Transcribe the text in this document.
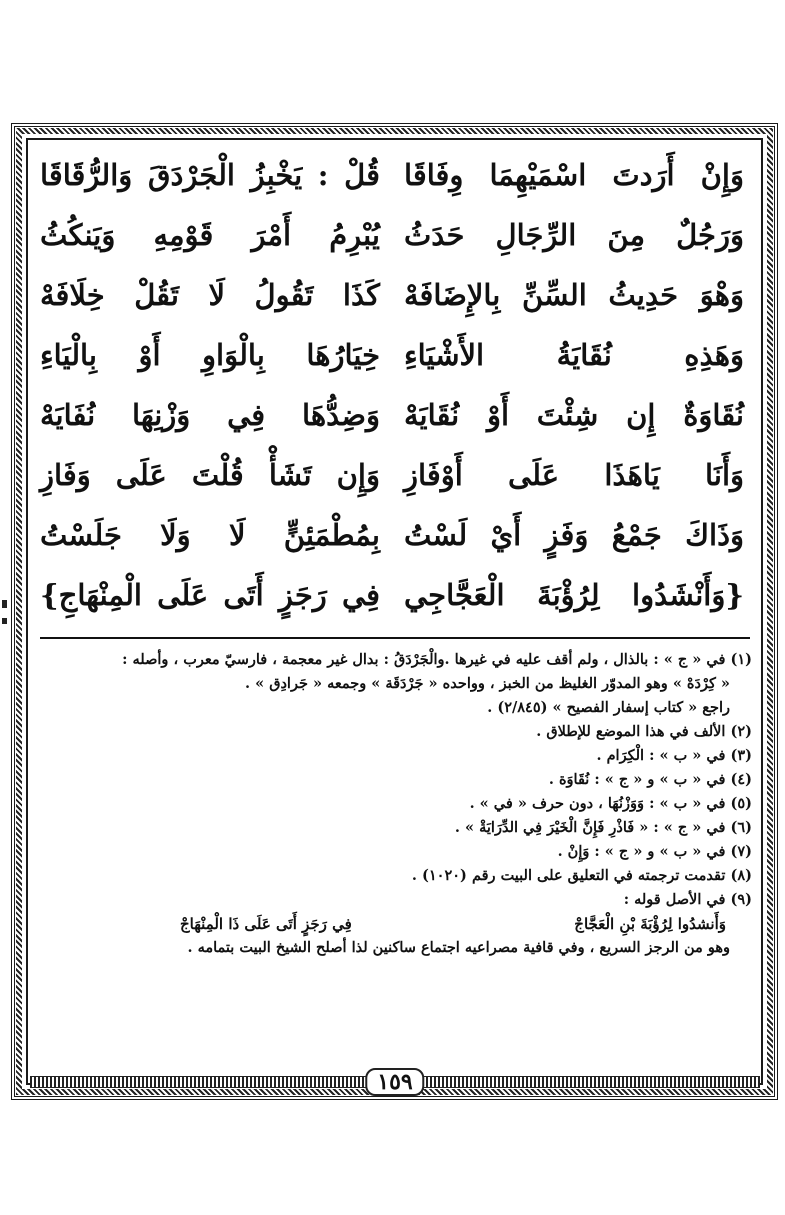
وَإِنْ أَرَدتَ اسْمَيْهِمَا وِفَاقَا
قُلْ : يَخْبِزُ الْجَرْدَقَ وَالرُّقَاقَا
وَرَجُلٌ مِنَ الرِّجَالِ حَدَثُ
يُبْرِمُ أَمْرَ قَوْمِهِ وَيَنكُثُ
وَهْوَ حَدِيثُ السِّنِّ بِالإِضَافَهْ
كَذَا تَقُولُ لَا تَقُلْ خِلَافَهْ
وَهَذِهِ نُقَايَةُ الأَشْيَاءِ
خِيَارُهَا بِالْوَاوِ أَوْ بِالْيَاءِ
نُقَاوَةٌ إِن شِئْتَ أَوْ نُقَايَهْ
وَضِدُّهَا فِي وَزْنِهَا نُفَايَهْ
وَأَنَا يَاهَذَا عَلَى أَوْفَازِ
وَإِن تَشَأْ قُلْتَ عَلَى وَفَازِ
وَذَاكَ جَمْعُ وَفَزٍ أَيْ لَسْتُ
بِمُطْمَئِنٍّ لَا وَلَا جَلَسْتُ
{وَأَنْشَدُوا لِرُؤْبَةَ الْعَجَّاجِي
فِي رَجَزٍ أَتَى عَلَى الْمِنْهَاجِ}

(١) في « ج » : بالذال ، ولم أقف عليه في غيرها .والْجَرْدَقُ : بدال غير معجمة ، فارسيّ معرب ، وأصله :

« كِرْدَهْ » وهو المدوّر الغليظ من الخبز ، وواحده « جَرْدَقَة » وجمعه « جَرادِق » .

راجع « كتاب إسفار الفصيح » (٢/٨٤٥) .

(٢) الألف في هذا الموضع للإطلاق .

(٣) في « ب » : الْكِرَام .

(٤) في « ب » و « ج » : نُقَاوَة .

(٥) في « ب » : وَوَزْنُهَا ، دون حرف « في » .

(٦) في « ج » : « فَاذْرِ فَإِنَّ الْخَيْرَ فِي الدِّرَايَةْ » .

(٧) في « ب » و « ج » : وَإِنْ .

(٨) تقدمت ترجمته في التعليق على البيت رقم (١٠٢٠) .

(٩) في الأصل قوله :

وَأَنشدُوا لِرُؤْبَةَ بْنِ الْعَجَّاجْ
فِي رَجَزٍ أَتَى عَلَى ذَا الْمِنْهَاجْ

وهو من الرجز السريع ، وفي قافية مصراعيه اجتماع ساكنين لذا أصلح الشيخ البيت بتمامه .

١٥٩
